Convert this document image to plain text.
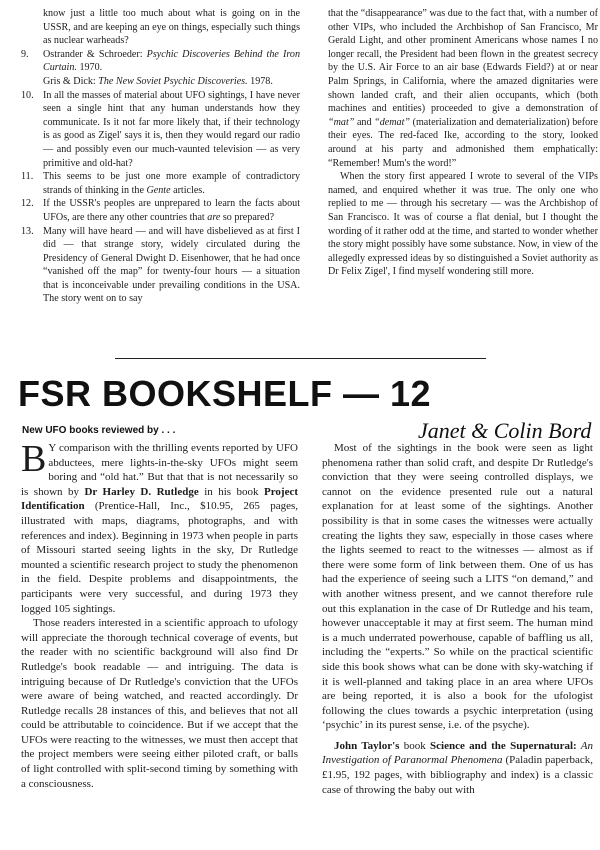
know just a little too much about what is going on in the USSR, and are keeping an eye on things, especially such things as nuclear warheads?

9. Ostrander & Schroeder: Psychic Discoveries Behind the Iron Curtain. 1970.
Gris & Dick: The New Soviet Psychic Discoveries. 1978.

10. In all the masses of material about UFO sightings, I have never seen a single hint that any human understands how they communicate. Is it not far more likely that, if their technology is as good as Zigel' says it is, then they would regard our radio — and possibly even our much-vaunted television — as very primitive and old-hat?

11. This seems to be just one more example of contradictory strands of thinking in the Gente articles.

12. If the USSR's peoples are unprepared to learn the facts about UFOs, are there any other countries that are so prepared?

13. Many will have heard — and will have disbelieved as at first I did — that strange story, widely circulated during the Presidency of General Dwight D. Eisenhower, that he had once “vanished off the map” for twenty-four hours — a situation that is inconceivable under prevailing conditions in the USA. The story went on to say

that the “disappearance” was due to the fact that, with a number of other VIPs, who included the Archbishop of San Francisco, Mr Gerald Light, and other prominent Americans whose names I no longer recall, the President had been flown in the greatest secrecy by the U.S. Air Force to an air base (Edwards Field?) at or near Palm Springs, in California, where the amazed dignitaries were shown landed craft, and their alien occupants, which (both machines and entities) proceeded to give a demonstration of “mat” and “demat” (materialization and dematerialization) before their eyes. The red-faced Ike, according to the story, looked around at his party and admonished them emphatically: “Remember! Mum's the word!”

When the story first appeared I wrote to several of the VIPs named, and enquired whether it was true. The only one who replied to me — through his secretary — was the Archbishop of San Francisco. It was of course a flat denial, but I thought the wording of it rather odd at the time, and started to wonder whether the story might possibly have some substance. Now, in view of the allegedly expressed ideas by so distinguished a Soviet authority as Dr Felix Zigel', I find myself wondering still more.

FSR BOOKSHELF — 12
New UFO books reviewed by . . .	Janet & Colin Bord

B Y comparison with the thrilling events reported by UFO abductees, mere lights-in-the-sky UFOs might seem boring and “old hat.” But that that is not necessarily so is shown by Dr Harley D. Rutledge in his book Project Identification (Prentice-Hall, Inc., $10.95, 265 pages, illustrated with maps, diagrams, photographs, and with references and index). Beginning in 1973 when people in parts of Missouri started seeing lights in the sky, Dr Rutledge mounted a scientific research project to study the phenomenon in the field. Despite problems and disappointments, the participants were very successful, and during 1973 they logged 105 sightings.

Those readers interested in a scientific approach to ufology will appreciate the thorough technical coverage of events, but the reader with no scientific background will also find Dr Rutledge's book readable — and intriguing. The data is intriguing because of Dr Rutledge's conviction that the UFOs were aware of being watched, and reacted accordingly. Dr Rutledge recalls 28 instances of this, and believes that not all could be attributable to coincidence. But if we accept that the UFOs were reacting to the witnesses, we must then accept that the project members were seeing either piloted craft, or balls of light controlled with split-second timing by something with a consciousness.

Most of the sightings in the book were seen as light phenomena rather than solid craft, and despite Dr Rutledge's conviction that they were seeing controlled displays, we cannot on the evidence presented rule out a natural explanation for at least some of the sightings. Another possibility is that in some cases the witnesses were actually creating the lights they saw, especially in those cases where the lights seemed to react to the witnesses — almost as if there were some form of link between them. One of us has had the experience of seeing such a LITS “on demand,” and with another witness present, and we cannot therefore rule out this explanation in the case of Dr Rutledge and his team, however unacceptable it may at first seem. The human mind is a much underrated powerhouse, capable of baffling us all, including the “experts.” So while on the practical scientific side this book shows what can be done with sky-watching if it is well-planned and taking place in an area where UFOs are being reported, it is also a book for the ufologist following the clues towards a psychic interpretation (using ‘psychic’ in its purest sense, i.e. of the psyche).

John Taylor's book Science and the Supernatural: An Investigation of Paranormal Phenomena (Paladin paperback, £1.95, 192 pages, with bibliography and index) is a classic case of throwing the baby out with
